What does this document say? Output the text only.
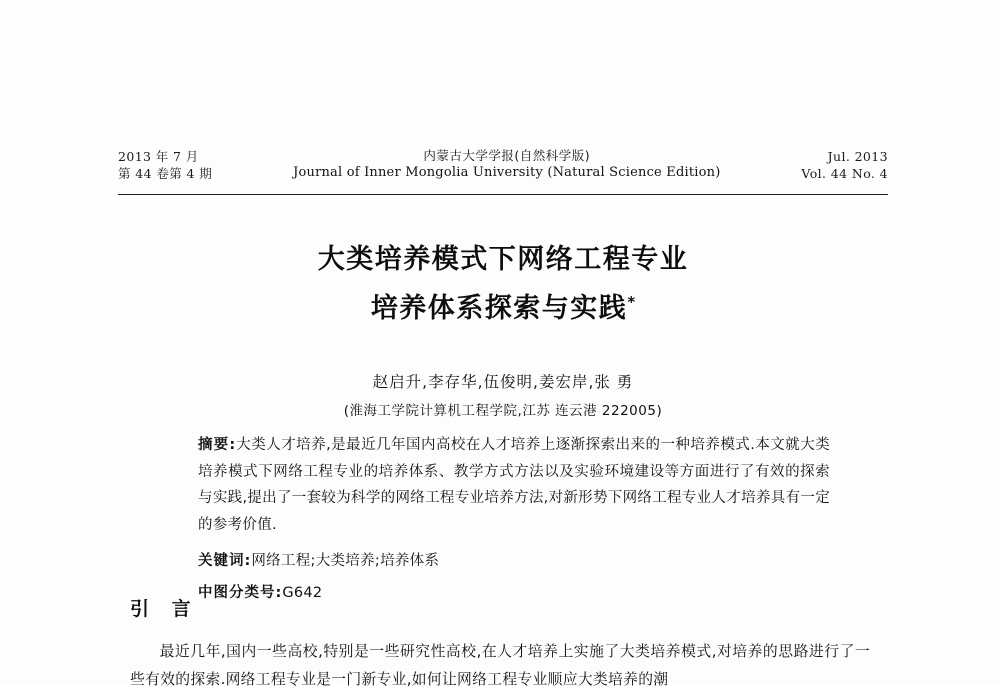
2013 年 7 月
第 44 卷第 4 期
内蒙古大学学报(自然科学版)
Journal of Inner Mongolia University (Natural Science Edition)
Jul. 2013
Vol. 44 No. 4
大类培养模式下网络工程专业
培养体系探索与实践*
赵启升,李存华,伍俊明,姜宏岸,张 勇
(淮海工学院计算机工程学院,江苏 连云港 222005)
摘要:大类人才培养,是最近几年国内高校在人才培养上逐渐探索出来的一种培养模式.本文就大类培养模式下网络工程专业的培养体系、教学方式方法以及实验环境建设等方面进行了有效的探索与实践,提出了一套较为科学的网络工程专业培养方法,对新形势下网络工程专业人才培养具有一定的参考价值.
关键词:网络工程;大类培养;培养体系
中图分类号:G642
引 言

最近几年,国内一些高校,特别是一些研究性高校,在人才培养上实施了大类培养模式,对培养的思路进行了一些有效的探索.网络工程专业是一门新专业,如何让网络工程专业顺应大类培养的潮
